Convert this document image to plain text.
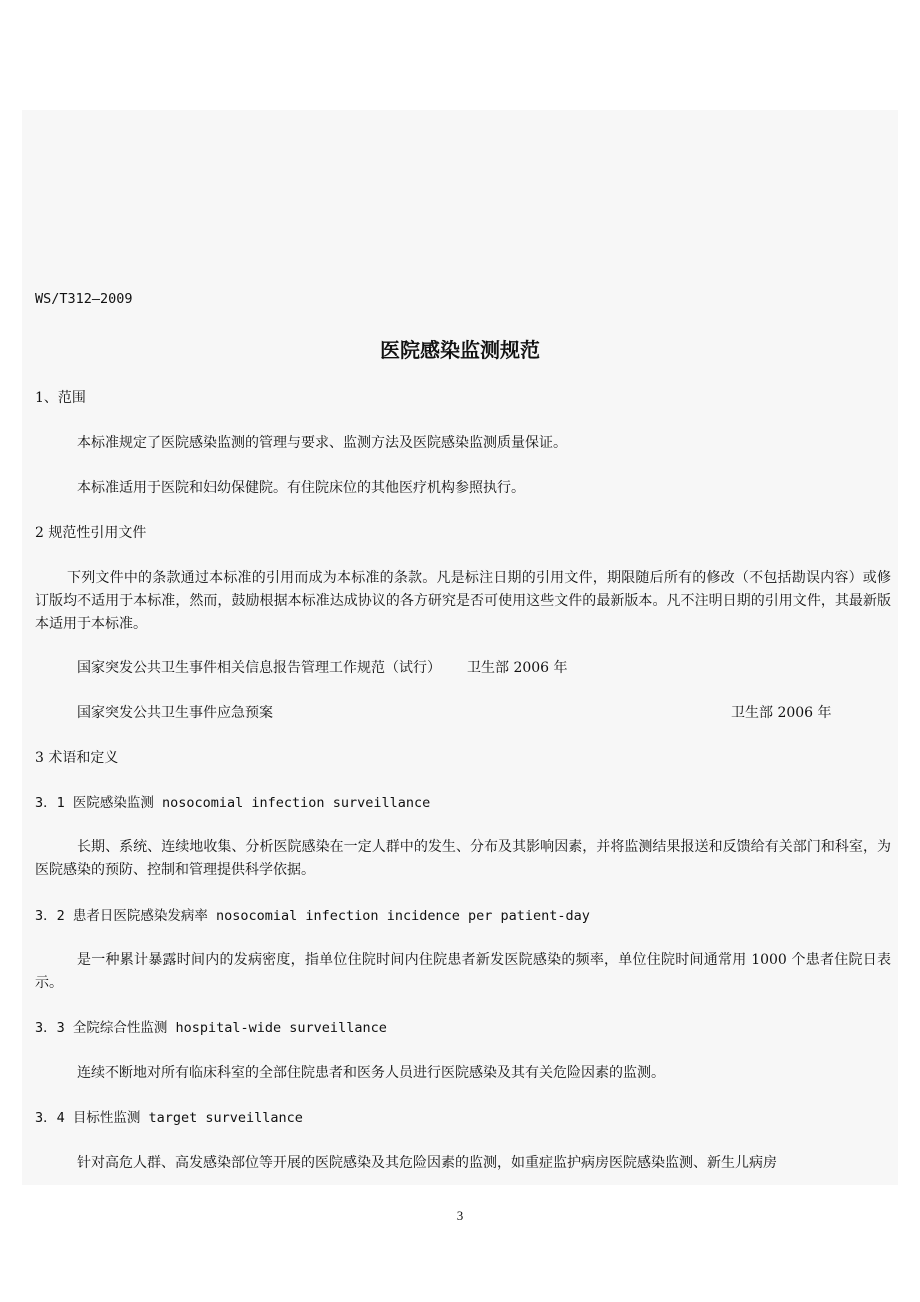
WS/T312—2009
医院感染监测规范
1、范围
本标准规定了医院感染监测的管理与要求、监测方法及医院感染监测质量保证。
本标准适用于医院和妇幼保健院。有住院床位的其他医疗机构参照执行。
2 规范性引用文件
下列文件中的条款通过本标准的引用而成为本标准的条款。凡是标注日期的引用文件，期限随后所有的修改（不包括勘误内容）或修订版均不适用于本标准，然而，鼓励根据本标准达成协议的各方研究是否可使用这些文件的最新版本。凡不注明日期的引用文件，其最新版本适用于本标准。
国家突发公共卫生事件相关信息报告管理工作规范（试行） 卫生部 2006 年
国家突发公共卫生事件应急预案	卫生部 2006 年
3 术语和定义
3．1 医院感染监测 nosocomial infection surveillance
长期、系统、连续地收集、分析医院感染在一定人群中的发生、分布及其影响因素，并将监测结果报送和反馈给有关部门和科室，为医院感染的预防、控制和管理提供科学依据。
3．2 患者日医院感染发病率 nosocomial infection incidence per patient-day
是一种累计暴露时间内的发病密度，指单位住院时间内住院患者新发医院感染的频率，单位住院时间通常用 1000 个患者住院日表示。
3．3 全院综合性监测 hospital-wide surveillance
连续不断地对所有临床科室的全部住院患者和医务人员进行医院感染及其有关危险因素的监测。
3．4 目标性监测 target surveillance
针对高危人群、高发感染部位等开展的医院感染及其危险因素的监测，如重症监护病房医院感染监测、新生儿病房
3
